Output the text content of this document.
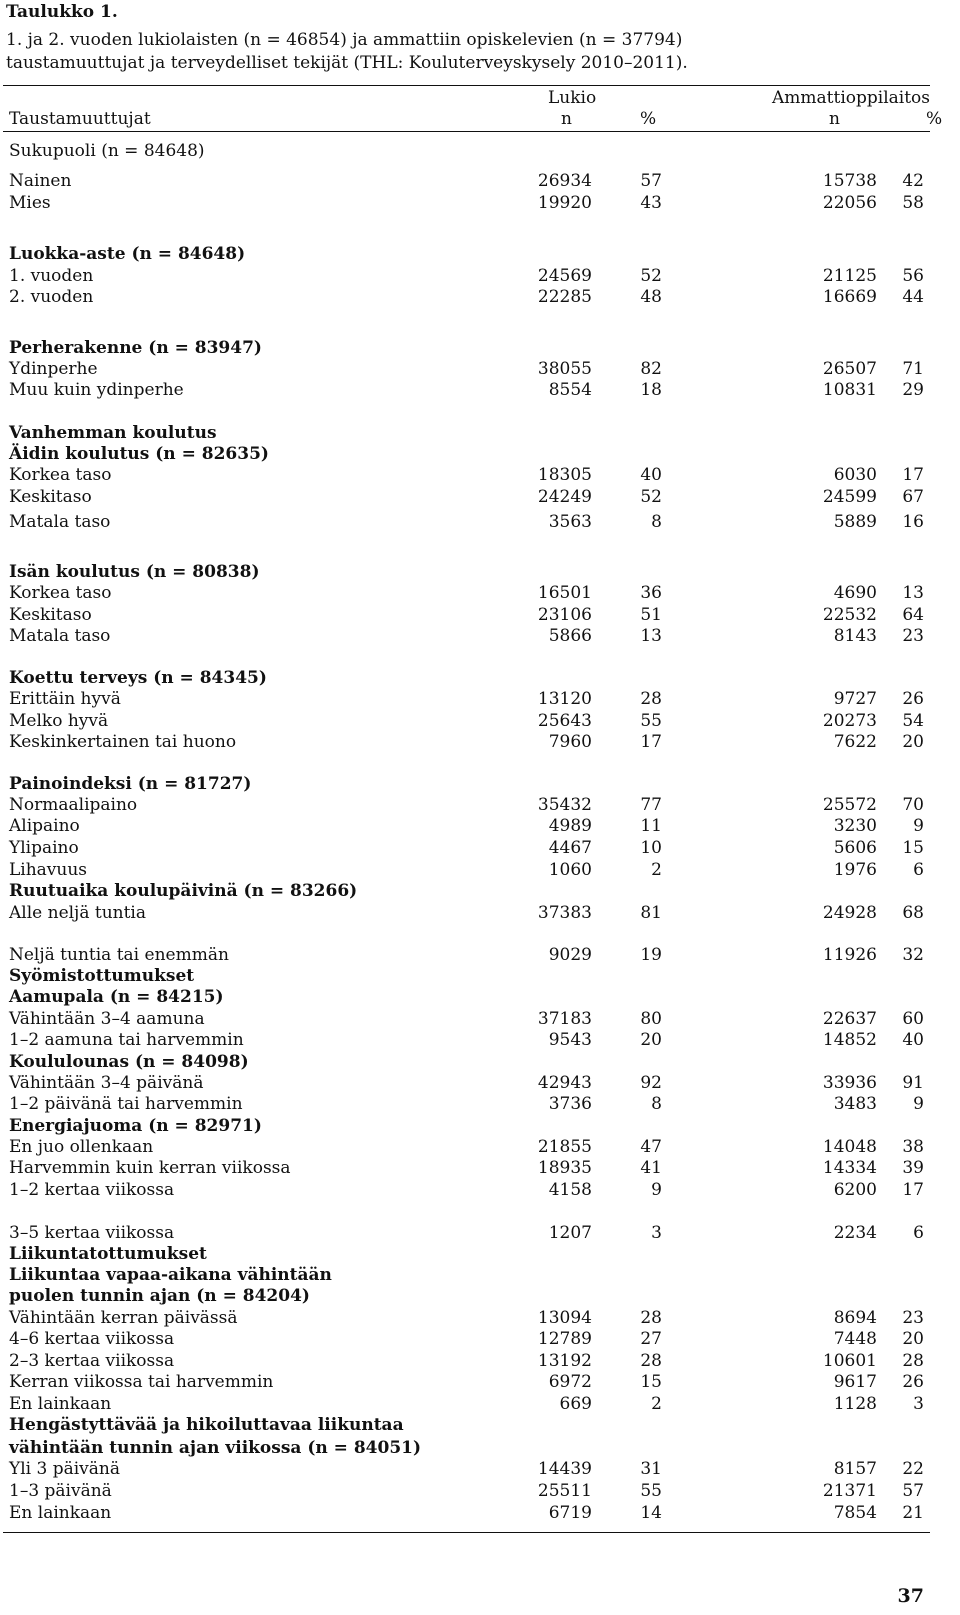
Taulukko 1.
1. ja 2. vuoden lukiolaisten (n = 46854) ja ammattiin opiskelevien (n = 37794)
taustamuuttujat ja terveydelliset tekijät (THL: Kouluterveyskysely 2010–2011).
Lukio	Ammattioppilaitos
Taustamuuttujat	n	%	n	%
Sukupuoli (n = 84648)
Nainen	26934	57	15738 42
Mies	19920	43	22056 58
Luokka-aste (n = 84648)
1. vuoden	24569	52	21125 56
2. vuoden	22285	48	16669 44
Perherakenne (n = 83947)
Ydinperhe	38055	82	26507 71
Muu kuin ydinperhe	8554	18	10831 29
Vanhemman koulutus
Äidin koulutus (n = 82635)
Korkea taso	18305	40	6030 17
Keskitaso	24249	52	24599 67
Matala taso	3563	8	5889 16
Isän koulutus (n = 80838)
Korkea taso	16501	36	4690 13
Keskitaso	23106	51	22532 64
Matala taso	5866	13	8143 23
Koettu terveys (n = 84345)
Erittäin hyvä	13120	28	9727 26
Melko hyvä	25643	55	20273 54
Keskinkertainen tai huono	7960	17	7622 20
Painoindeksi (n = 81727)
Normaalipaino	35432	77	25572 70
Alipaino	4989	11	3230 9
Ylipaino	4467	10	5606 15
Lihavuus	1060	2	1976 6
Ruutuaika koulupäivinä (n = 83266)
Alle neljä tuntia	37383	81	24928 68
Neljä tuntia tai enemmän	9029	19	11926 32
Syömistottumukset
Aamupala (n = 84215)
Vähintään 3–4 aamuna	37183	80	22637 60
1–2 aamuna tai harvemmin	9543	20	14852 40
Koululounas (n = 84098)
Vähintään 3–4 päivänä	42943	92	33936 91
1–2 päivänä tai harvemmin	3736	8	3483 9
Energiajuoma (n = 82971)
En juo ollenkaan	21855	47	14048 38
Harvemmin kuin kerran viikossa	18935	41	14334 39
1–2 kertaa viikossa	4158	9	6200 17
3–5 kertaa viikossa	1207	3	2234 6
Liikuntatottumukset
Liikuntaa vapaa-aikana vähintään
puolen tunnin ajan (n = 84204)
Vähintään kerran päivässä	13094	28	8694 23
4–6 kertaa viikossa	12789	27	7448 20
2–3 kertaa viikossa	13192	28	10601 28
Kerran viikossa tai harvemmin	6972	15	9617 26
En lainkaan	669	2	1128 3
Hengästyttävää ja hikoiluttavaa liikuntaa
vähintään tunnin ajan viikossa (n = 84051)
Yli 3 päivänä	14439	31	8157 22
1–3 päivänä	25511	55	21371 57
En lainkaan	6719	14	7854 21
37
